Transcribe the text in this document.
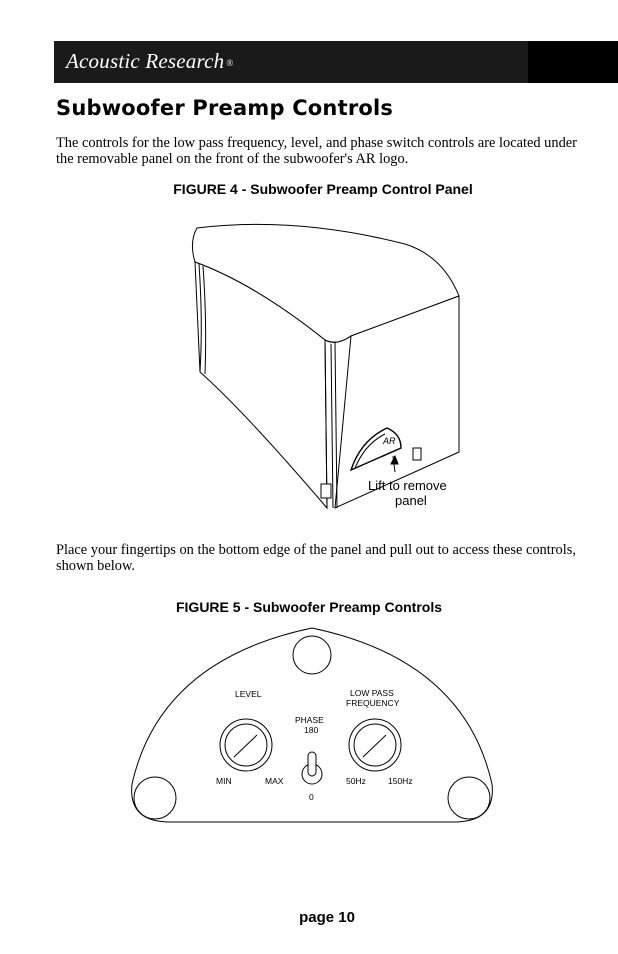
Acoustic Research ®
Subwoofer Preamp Controls

The controls for the low pass frequency, level, and phase switch controls are located under the removable panel on the front of the subwoofer's AR logo.

FIGURE 4 - Subwoofer Preamp Control Panel

AR
Lift to remove
panel

Place your fingertips on the bottom edge of the panel and pull out to access these controls, shown below.

FIGURE 5 - Subwoofer Preamp Controls

LEVEL
MIN	MAX
PHASE
180
0
LOW PASS
FREQUENCY
50Hz	150Hz
page 10
